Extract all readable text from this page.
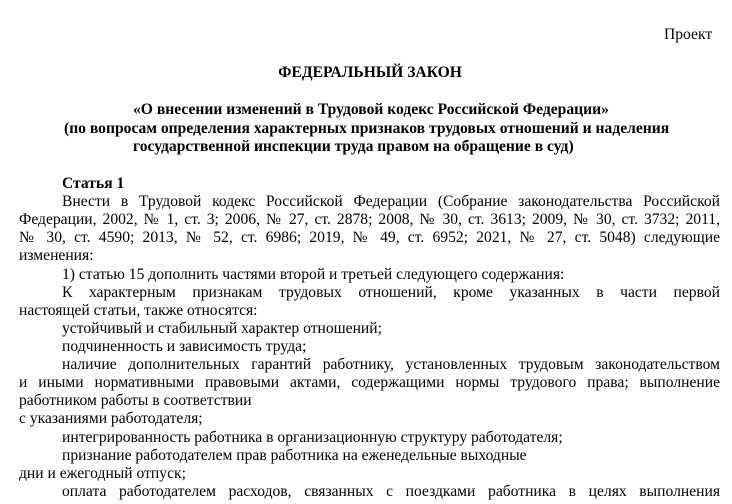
Проект
ФЕДЕРАЛЬНЫЙ ЗАКОН
«О внесении изменений в Трудовой кодекс Российской Федерации»
(по вопросам определения характерных признаков трудовых отношений и наделения
государственной инспекции труда правом на обращение в суд)
Статья 1
Внести в Трудовой кодекс Российской Федерации (Собрание законодательства Российской
Федерации, 2002, № 1, ст. 3; 2006, № 27, ст. 2878; 2008, № 30, ст. 3613; 2009, № 30, ст. 3732; 2011,
№ 30, ст. 4590; 2013, № 52, ст. 6986; 2019, № 49, ст. 6952; 2021, № 27, ст. 5048) следующие
изменения:
1) статью 15 дополнить частями второй и третьей следующего содержания:
К характерным признакам трудовых отношений, кроме указанных в части первой
настоящей статьи, также относятся:
устойчивый и стабильный характер отношений;
подчиненность и зависимость труда;
наличие дополнительных гарантий работнику, установленных трудовым законодательством
и иными нормативными правовыми актами, содержащими нормы трудового права; выполнение
работником работы в соответствии
с указаниями работодателя;
интегрированность работника в организационную структуру работодателя;
признание работодателем прав работника на еженедельные выходные
дни и ежегодный отпуск;
оплата работодателем расходов, связанных с поездками работника в целях выполнения
